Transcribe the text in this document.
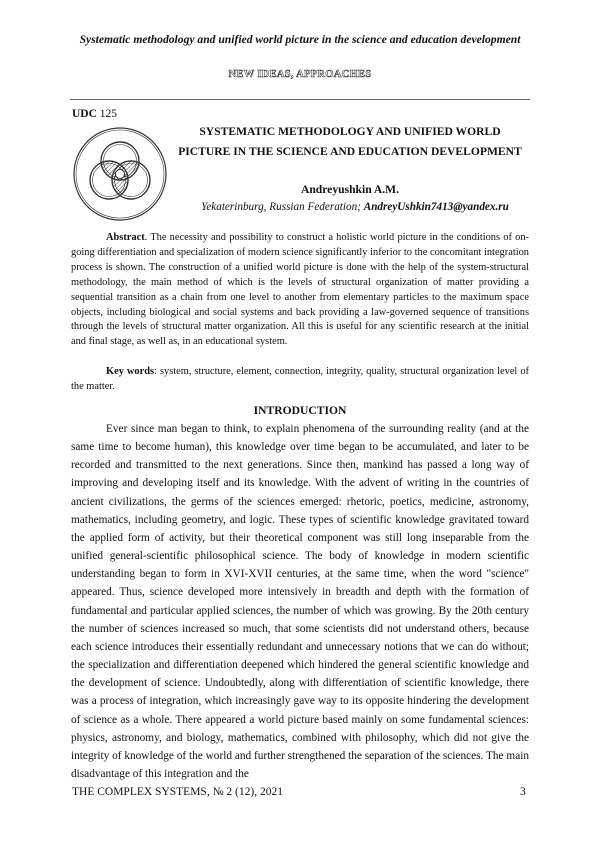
Systematic methodology and unified world picture in the science and education development
NEW IDEAS, APPROACHES
UDC 125
SYSTEMATIC METHODOLOGY AND UNIFIED WORLD PICTURE IN THE SCIENCE AND EDUCATION DEVELOPMENT
Andreyushkin A.M.
Yekaterinburg, Russian Federation; AndreyUshkin7413@yandex.ru

Abstract. The necessity and possibility to construct a holistic world picture in the conditions of on-going differentiation and specialization of modern science significantly inferior to the concomitant integration process is shown. The construction of a unified world picture is done with the help of the system-structural methodology, the main method of which is the levels of structural organization of matter providing a sequential transition as a chain from one level to another from elementary particles to the maximum space objects, including biological and social systems and back providing a law-governed sequence of transitions through the levels of structural matter organization. All this is useful for any scientific research at the initial and final stage, as well as, in an educational system.

Key words: system, structure, element, connection, integrity, quality, structural organization level of the matter.

INTRODUCTION

Ever since man began to think, to explain phenomena of the surrounding reality (and at the same time to become human), this knowledge over time began to be accumulated, and later to be recorded and transmitted to the next generations. Since then, mankind has passed a long way of improving and developing itself and its knowledge. With the advent of writing in the countries of ancient civilizations, the germs of the sciences emerged: rhetoric, poetics, medicine, astronomy, mathematics, including geometry, and logic. These types of scientific knowledge gravitated toward the applied form of activity, but their theoretical component was still long inseparable from the unified general-scientific philosophical science. The body of knowledge in modern scientific understanding began to form in XVI-XVII centuries, at the same time, when the word "science" appeared. Thus, science developed more intensively in breadth and depth with the formation of fundamental and particular applied sciences, the number of which was growing. By the 20th century the number of sciences increased so much, that some scientists did not understand others, because each science introduces their essentially redundant and unnecessary notions that we can do without; the specialization and differentiation deepened which hindered the general scientific knowledge and the development of science. Undoubtedly, along with differentiation of scientific knowledge, there was a process of integration, which increasingly gave way to its opposite hindering the development of science as a whole. There appeared a world picture based mainly on some fundamental sciences: physics, astronomy, and biology, mathematics, combined with philosophy, which did not give the integrity of knowledge of the world and further strengthened the separation of the sciences. The main disadvantage of this integration and the

THE COMPLEX SYSTEMS, № 2 (12), 2021	3
